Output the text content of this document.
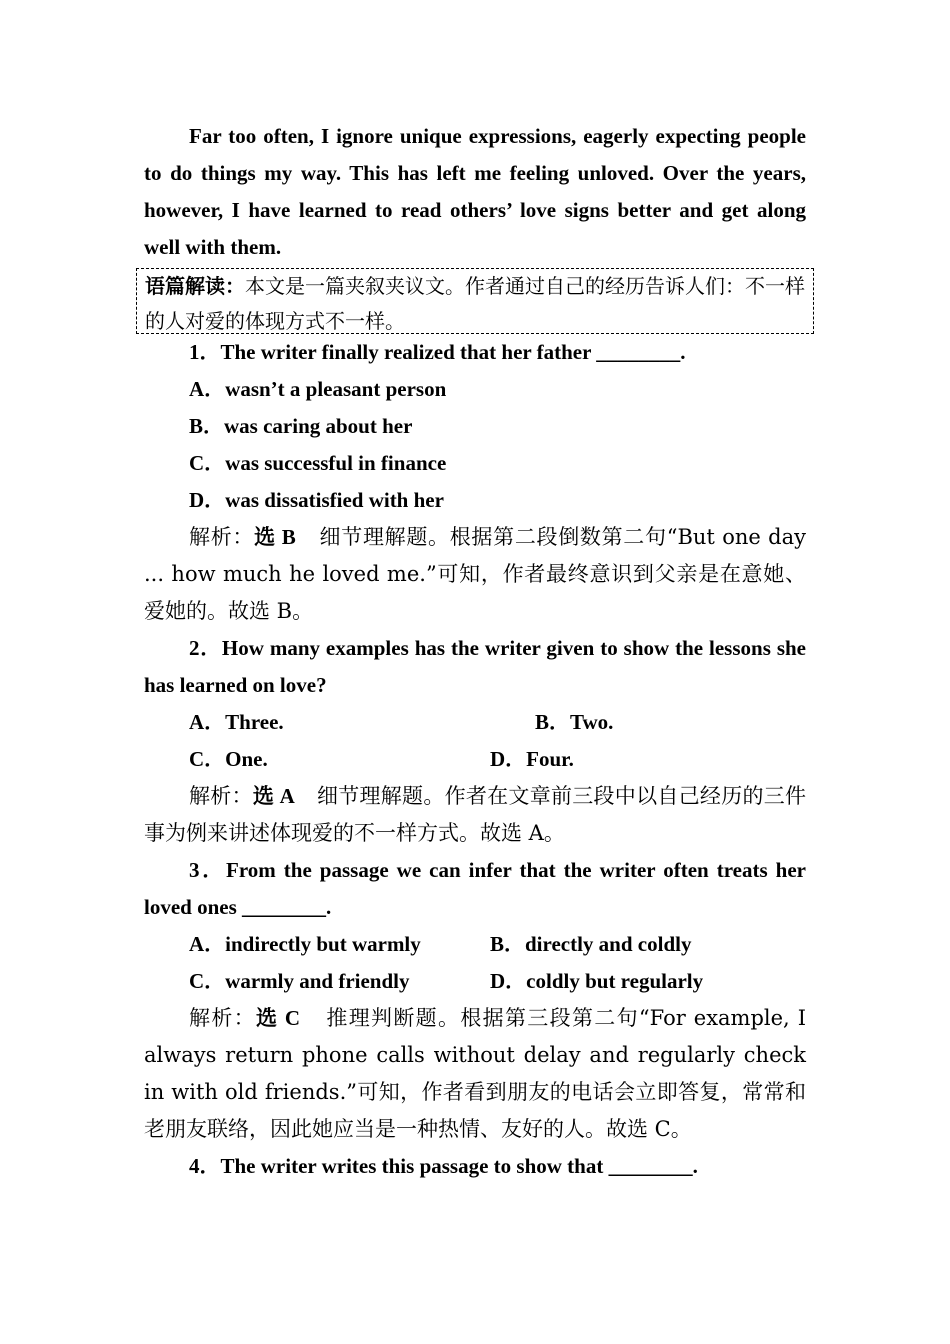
Far too often, I ignore unique expressions, eagerly expecting people to do things my way. This has left me feeling unloved. Over the years, however, I have learned to read others’ love signs better and get along well with them.
语篇解读：本文是一篇夹叙夹议文。作者通过自己的经历告诉人们：不一样的人对爱的体现方式不一样。
1．The writer finally realized that her father ________.
A．wasn’t a pleasant person
B．was caring about her
C．was successful in finance
D．was dissatisfied with her
解析：选 B 细节理解题。根据第二段倒数第二句“But one day ... how much he loved me.”可知，作者最终意识到父亲是在意她、爱她的。故选 B。
2．How many examples has the writer given to show the lessons she has learned on love?
A．Three.	B．Two.
C．One.	D．Four.
解析：选 A 细节理解题。作者在文章前三段中以自己经历的三件事为例来讲述体现爱的不一样方式。故选 A。
3．From the passage we can infer that the writer often treats her loved ones ________.
A．indirectly but warmly	B．directly and coldly
C．warmly and friendly	D．coldly but regularly
解析：选 C 推理判断题。根据第三段第二句“For example, I always return phone calls without delay and regularly check in with old friends.”可知，作者看到朋友的电话会立即答复，常常和老朋友联络，因此她应当是一种热情、友好的人。故选 C。
4．The writer writes this passage to show that ________.
